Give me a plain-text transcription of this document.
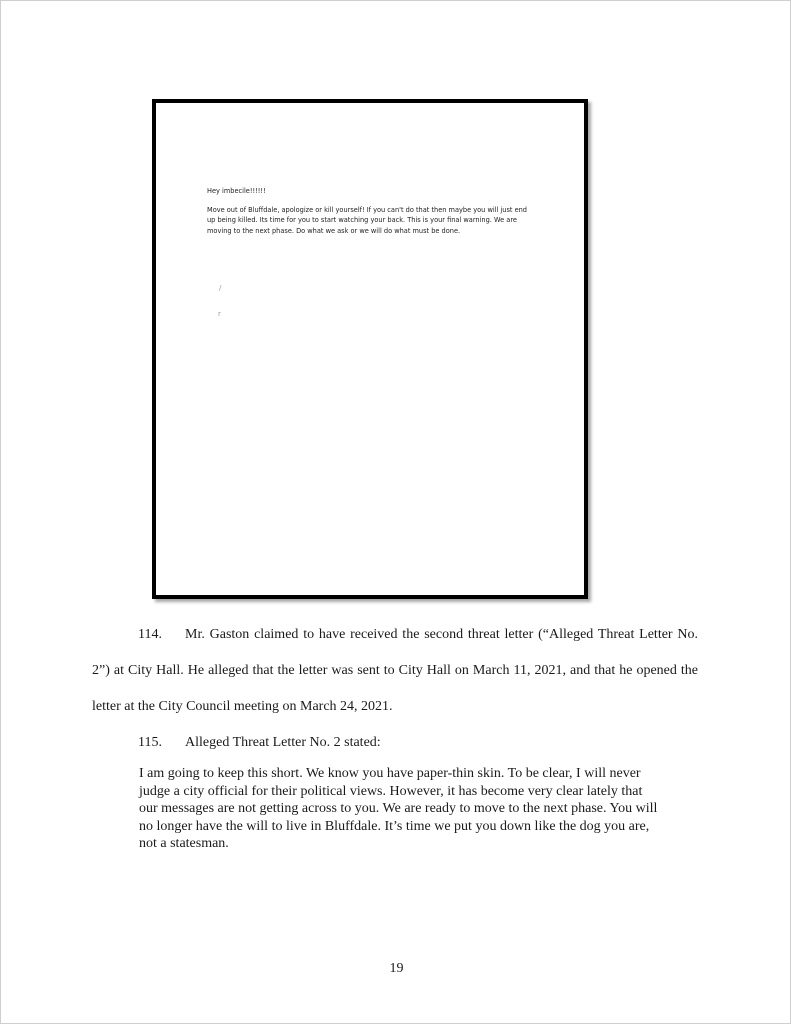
Hey imbecile!!!!!!

Move out of Bluffdale, apologize or kill yourself! If you can't do that then maybe you will just end up being killed. Its time for you to start watching your back. This is your final warning. We are moving to the next phase. Do what we ask or we will do what must be done.

/
r

114. Mr. Gaston claimed to have received the second threat letter (“Alleged Threat Letter No. 2”) at City Hall. He alleged that the letter was sent to City Hall on March 11, 2021, and that he opened the letter at the City Council meeting on March 24, 2021.

115. Alleged Threat Letter No. 2 stated:

I am going to keep this short. We know you have paper-thin skin. To be clear, I will never judge a city official for their political views. However, it has become very clear lately that our messages are not getting across to you. We are ready to move to the next phase. You will no longer have the will to live in Bluffdale. It’s time we put you down like the dog you are, not a statesman.

19
